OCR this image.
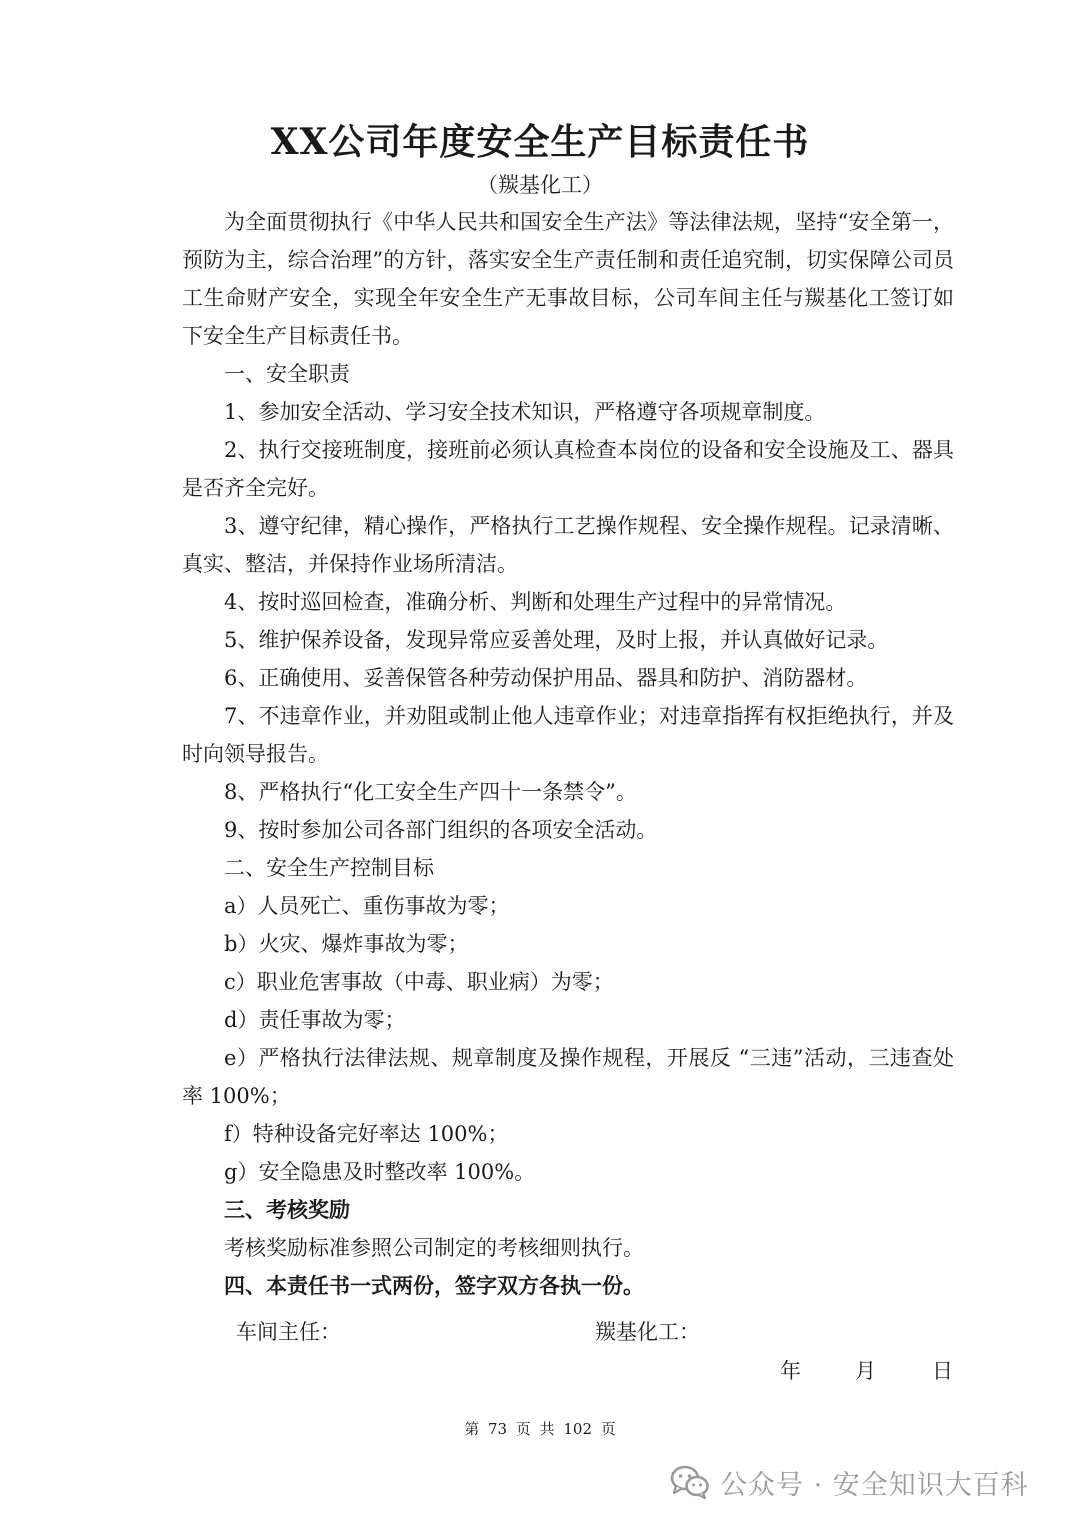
XX公司年度安全生产目标责任书
（羰基化工）

为全面贯彻执行《中华人民共和国安全生产法》等法律法规，坚持“安全第一，预防为主，综合治理”的方针，落实安全生产责任制和责任追究制，切实保障公司员工生命财产安全，实现全年安全生产无事故目标，公司车间主任与羰基化工签订如下安全生产目标责任书。

一、安全职责

1、参加安全活动、学习安全技术知识，严格遵守各项规章制度。

2、执行交接班制度，接班前必须认真检查本岗位的设备和安全设施及工、器具是否齐全完好。

3、遵守纪律，精心操作，严格执行工艺操作规程、安全操作规程。记录清晰、真实、整洁，并保持作业场所清洁。

4、按时巡回检查，准确分析、判断和处理生产过程中的异常情况。

5、维护保养设备，发现异常应妥善处理，及时上报，并认真做好记录。

6、正确使用、妥善保管各种劳动保护用品、器具和防护、消防器材。

7、不违章作业，并劝阻或制止他人违章作业；对违章指挥有权拒绝执行，并及时向领导报告。

8、严格执行“化工安全生产四十一条禁令”。

9、按时参加公司各部门组织的各项安全活动。

二、安全生产控制目标

a）人员死亡、重伤事故为零；

b）火灾、爆炸事故为零；

c）职业危害事故（中毒、职业病）为零；

d）责任事故为零；

e）严格执行法律法规、规章制度及操作规程，开展反 “三违”活动，三违查处率 100%；

f）特种设备完好率达 100%；

g）安全隐患及时整改率 100%。

三、考核奖励

考核奖励标准参照公司制定的考核细则执行。

四、本责任书一式两份，签字双方各执一份。

车间主任：	羰基化工：
年	月	日
第 73 页 共 102 页
公众号 · 安全知识大百科
